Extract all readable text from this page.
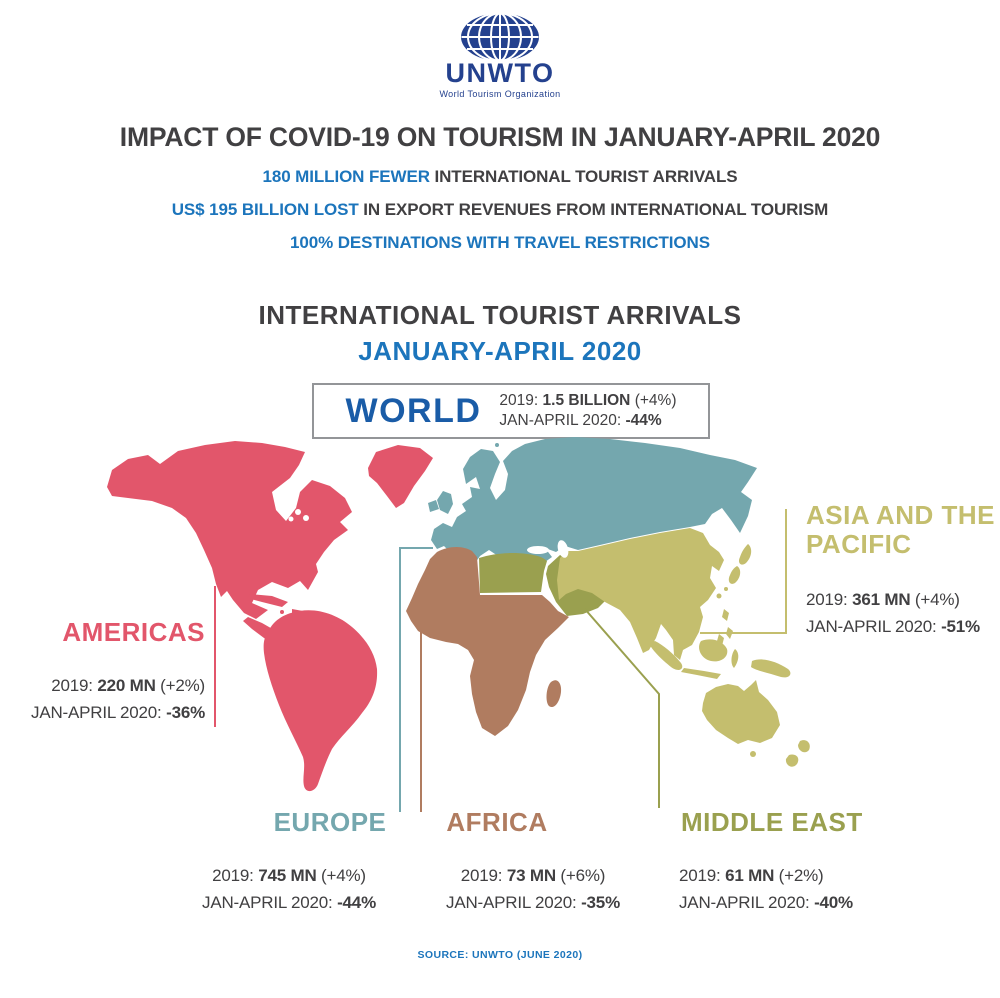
UNWTO
World Tourism Organization
IMPACT OF COVID-19 ON TOURISM IN JANUARY-APRIL 2020
180 MILLION FEWER INTERNATIONAL TOURIST ARRIVALS
US$ 195 BILLION LOST IN EXPORT REVENUES FROM INTERNATIONAL TOURISM
100% DESTINATIONS WITH TRAVEL RESTRICTIONS
INTERNATIONAL TOURIST ARRIVALS
JANUARY-APRIL 2020
WORLD 2019: 1.5 BILLION (+4%)
JAN-APRIL 2020: -44%
AMERICAS
2019: 220 MN (+2%)
JAN-APRIL 2020: -36%
ASIA AND THE PACIFIC
2019: 361 MN (+4%)
JAN-APRIL 2020: -51%
EUROPE
2019: 745 MN (+4%)
JAN-APRIL 2020: -44%
AFRICA
2019: 73 MN (+6%)
JAN-APRIL 2020: -35%
MIDDLE EAST
2019: 61 MN (+2%)
JAN-APRIL 2020: -40%
SOURCE: UNWTO (JUNE 2020)
